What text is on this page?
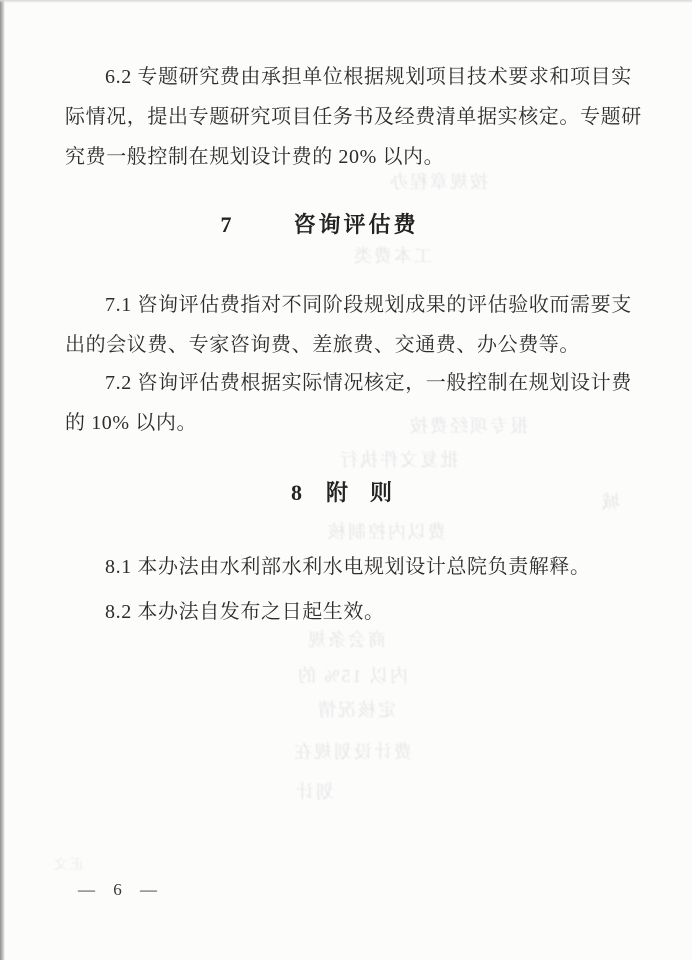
6.2 专题研究费由承担单位根据规划项目技术要求和项目实
际情况，提出专题研究项目任务书及经费清单据实核定。专题研
究费一般控制在规划设计费的 20% 以内。
7	咨询评估费
7.1 咨询评估费指对不同阶段规划成果的评估验收而需要支
出的会议费、专家咨询费、差旅费、交通费、办公费等。
7.2 咨询评估费根据实际情况核定，一般控制在规划设计费
的 10% 以内。
8 附　则
8.1 本办法由水利部水利水电规划设计总院负责解释。
8.2 本办法自发布之日起生效。
按规章程办
工本费类
报专项经费按
批复文件执行
城
费以内控制核
商会条规
内以 15% 的
定核况情
费计设划规在
划计
正文
— 6 —
